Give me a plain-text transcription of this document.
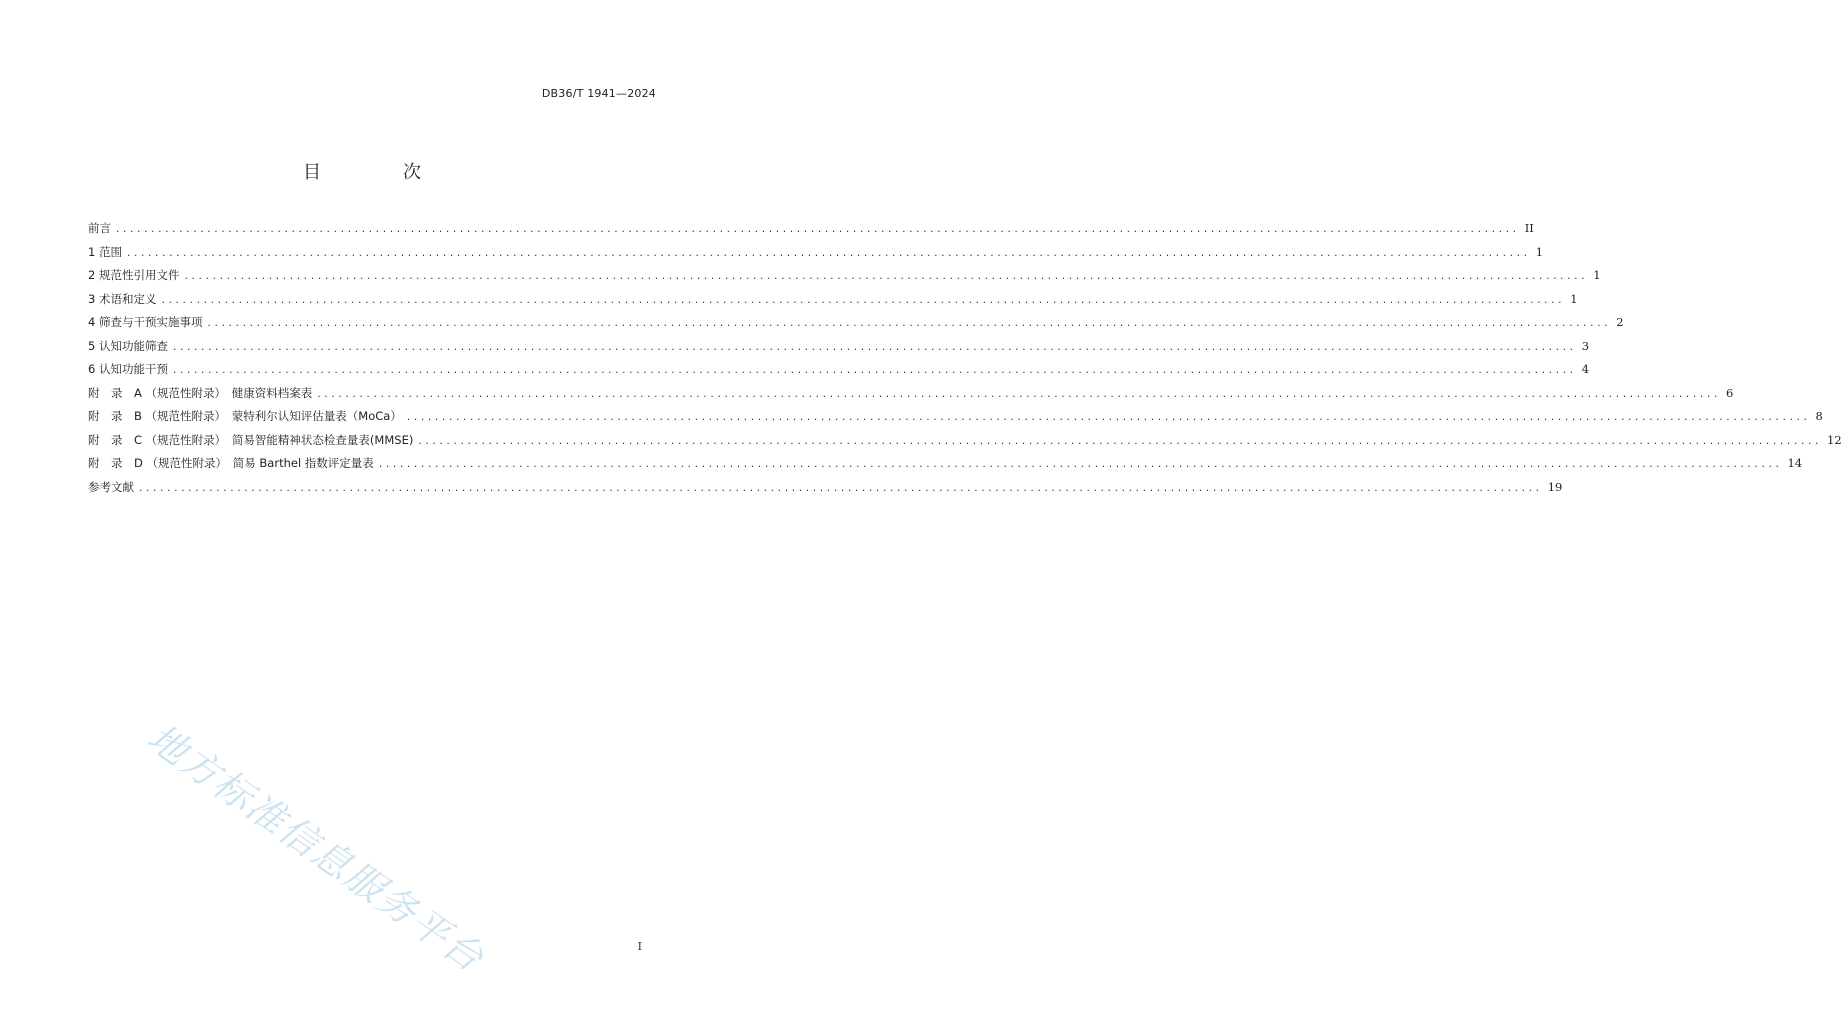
DB36/T 1941—2024
目　次
前言 ........................................................................................................................................................................................................ II
1 范围 ........................................................................................................................................................................................................ 1
2 规范性引用文件 ........................................................................................................................................................................................................ 1
3 术语和定义 ........................................................................................................................................................................................................ 1
4 筛查与干预实施事项 ........................................................................................................................................................................................................ 2
5 认知功能筛查 ........................................................................................................................................................................................................ 3
6 认知功能干预 ........................................................................................................................................................................................................ 4
附　录　A （规范性附录）　健康资料档案表 ........................................................................................................................................................................................................ 6
附　录　B （规范性附录）　蒙特利尔认知评估量表（MoCa） ........................................................................................................................................................................................................ 8
附　录　C （规范性附录）　简易智能精神状态检查量表(MMSE) ........................................................................................................................................................................................................ 12
附　录　D （规范性附录）　简易 Barthel 指数评定量表 ........................................................................................................................................................................................................ 14
参考文献 ........................................................................................................................................................................................................ 19
地方标准信息服务平台	I
